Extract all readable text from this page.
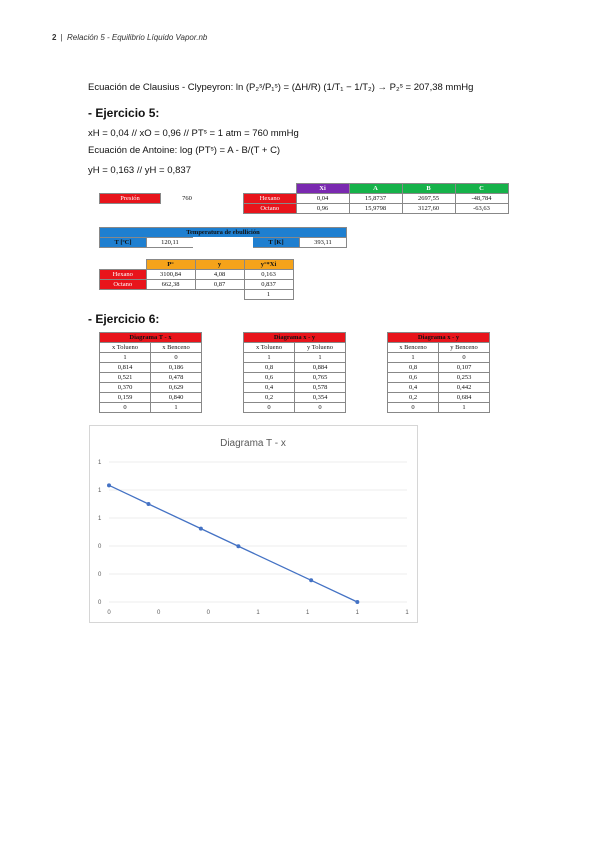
2 |  Relación 5 - Equilibrio Líquido Vapor.nb
Ecuación de Clausius - Clypeyron: ln (P₂ˢ/P₁ˢ) = (ΔH/R) (1/T₁ − 1/T₂) → P₂ˢ = 207,38 mmHg
- Ejercicio 5:
xH = 0,04 // xO = 0,96 // PTˢ = 1 atm = 760 mmHg
Ecuación de Antoine: log (PTˢ) = A - B/(T + C)
yH = 0,163 // yH = 0,837
Presión	760
	Xi	A	B	C
Hexano	0,04	15,8737	2697,55	-48,784
Octano	0,96	15,9798	3127,60	-63,63
Temperatura de ebullición
T [ºC]	120,11	T [K]	393,11
	P°	y	y°*Xi
Hexano	3100,84	4,08	0,163
Octano	662,38	0,87	0,837
			1
- Ejercicio 6:
Diagrama T - x	
x Tolueno	x Benceno
1	0
0,814	0,186
0,521	0,478
0,370	0,629
0,159	0,840
0	1
Diagrama x - y	
x Tolueno	y Tolueno
1	1
0,8	0,884
0,6	0,765
0,4	0,578
0,2	0,354
0	0
Diagrama x - y	
x Benceno	y Benceno
1	0
0,8	0,107
0,6	0,253
0,4	0,442
0,2	0,684
0	1
Diagrama T - x
1
1
1
0
0
0
0	0	0	1	1	1	1
